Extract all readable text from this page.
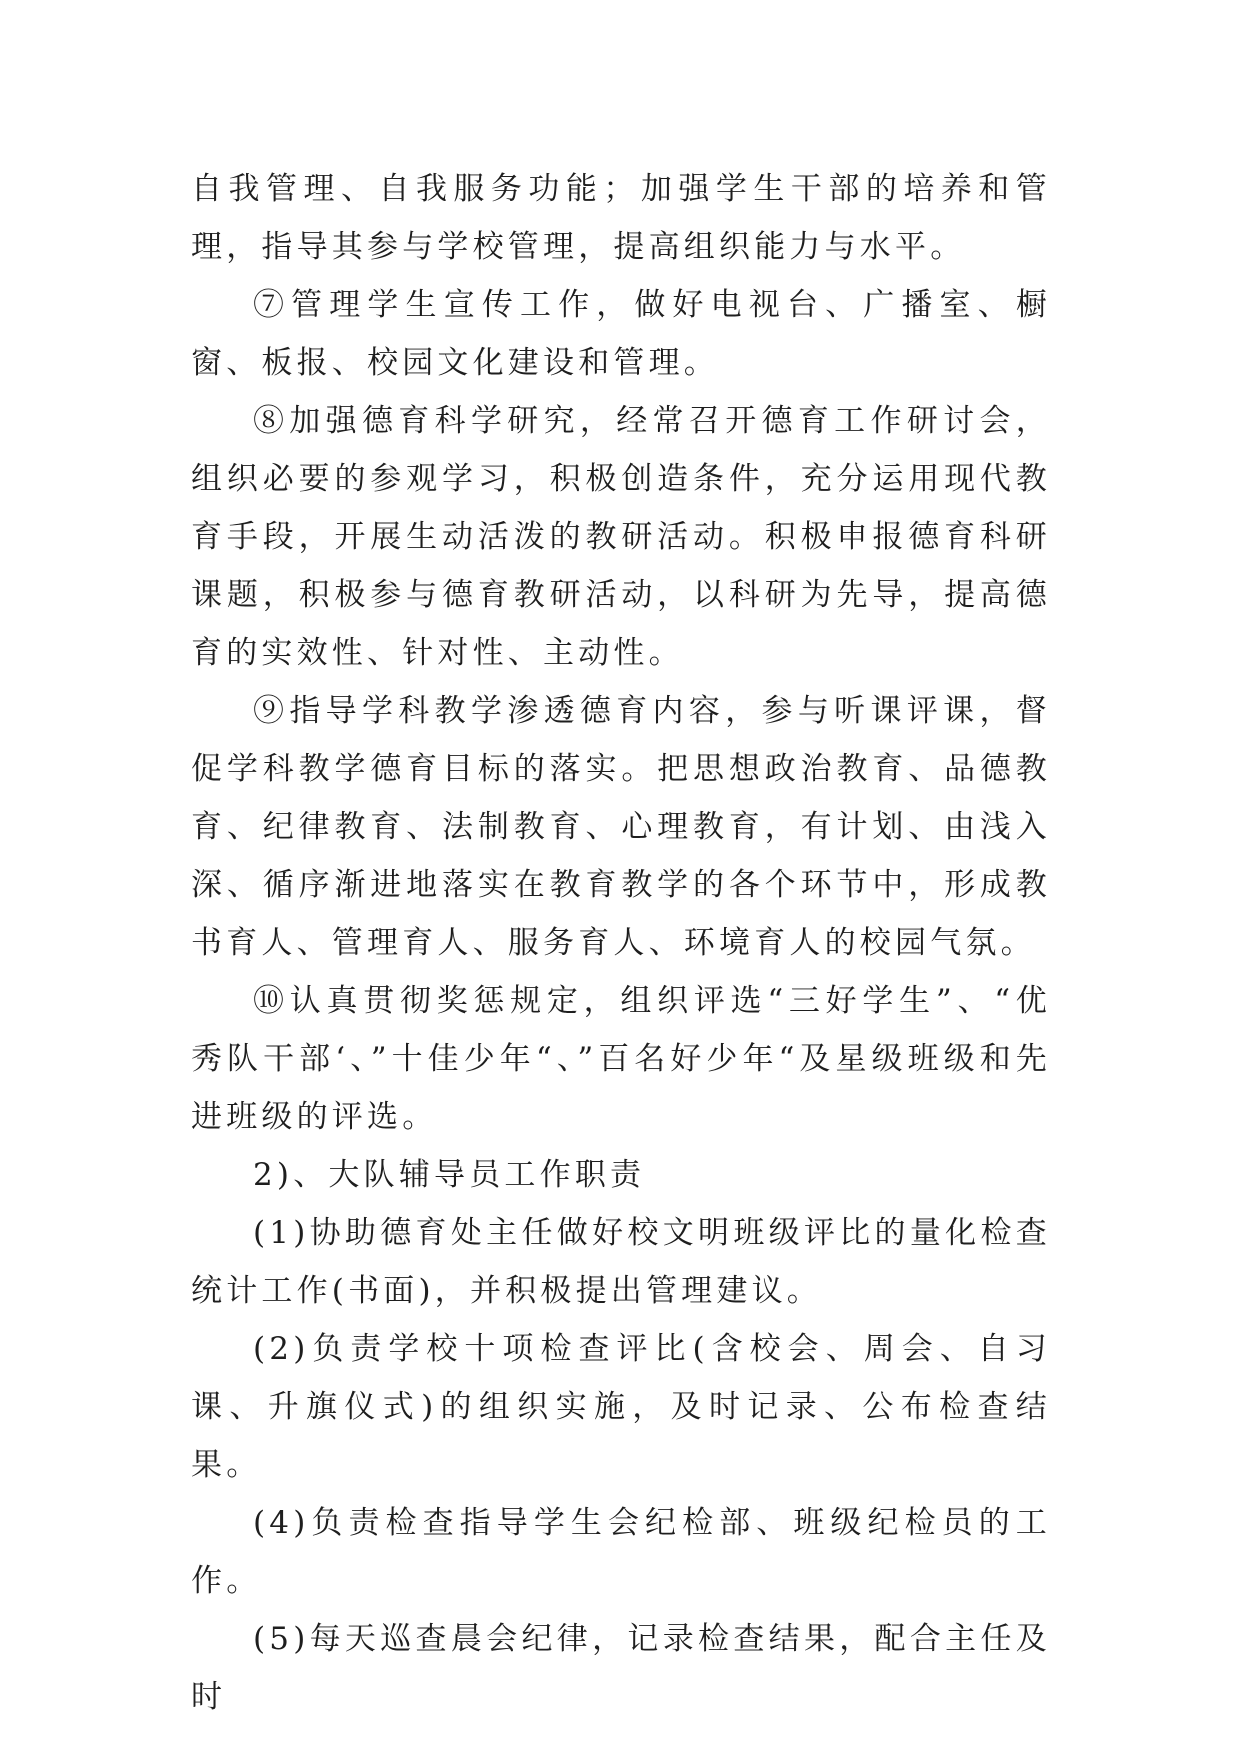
自我管理、自我服务功能；加强学生干部的培养和管理，指导其参与学校管理，提高组织能力与水平。

⑦管理学生宣传工作，做好电视台、广播室、橱窗、板报、校园文化建设和管理。

⑧加强德育科学研究，经常召开德育工作研讨会，组织必要的参观学习，积极创造条件，充分运用现代教育手段，开展生动活泼的教研活动。积极申报德育科研课题，积极参与德育教研活动，以科研为先导，提高德育的实效性、针对性、主动性。

⑨指导学科教学渗透德育内容，参与听课评课，督促学科教学德育目标的落实。把思想政治教育、品德教育、纪律教育、法制教育、心理教育，有计划、由浅入深、循序渐进地落实在教育教学的各个环节中，形成教书育人、管理育人、服务育人、环境育人的校园气氛。

⑩认真贯彻奖惩规定，组织评选“三好学生”、“优秀队干部‘、”十佳少年“、”百名好少年“及星级班级和先进班级的评选。

2)、大队辅导员工作职责

(1)协助德育处主任做好校文明班级评比的量化检查统计工作(书面)，并积极提出管理建议。

(2)负责学校十项检查评比(含校会、周会、自习课、升旗仪式)的组织实施，及时记录、公布检查结果。

(4)负责检查指导学生会纪检部、班级纪检员的工作。

(5)每天巡查晨会纪律，记录检查结果，配合主任及时
